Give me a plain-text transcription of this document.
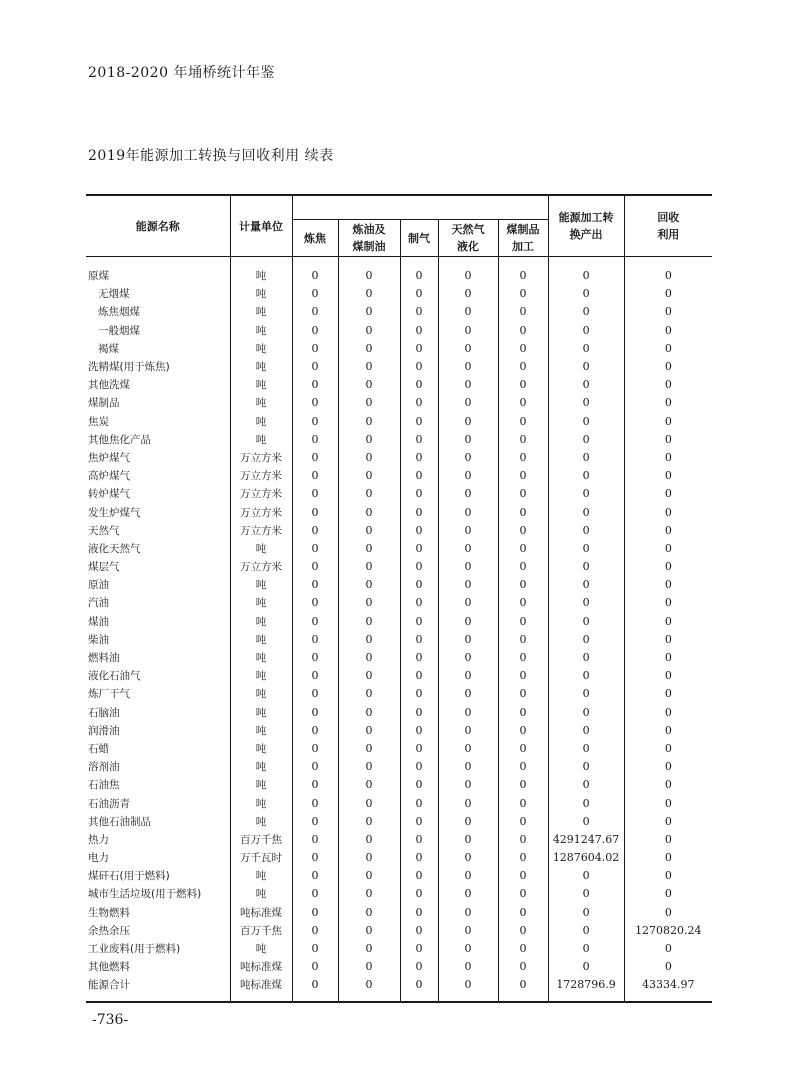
2018-2020 年埇桥统计年鉴
2019年能源加工转换与回收利用 续表
能源名称	计量单位						能源加工转换产出	回收利用
		炼焦	炼油及煤制油	制气	天然气液化	煤制品加工		
原煤	吨	0	0	0	0	0	0	0
无烟煤	吨	0	0	0	0	0	0	0
炼焦烟煤	吨	0	0	0	0	0	0	0
一般烟煤	吨	0	0	0	0	0	0	0
褐煤	吨	0	0	0	0	0	0	0
洗精煤(用于炼焦)	吨	0	0	0	0	0	0	0
其他洗煤	吨	0	0	0	0	0	0	0
煤制品	吨	0	0	0	0	0	0	0
焦炭	吨	0	0	0	0	0	0	0
其他焦化产品	吨	0	0	0	0	0	0	0
焦炉煤气	万立方米	0	0	0	0	0	0	0
高炉煤气	万立方米	0	0	0	0	0	0	0
转炉煤气	万立方米	0	0	0	0	0	0	0
发生炉煤气	万立方米	0	0	0	0	0	0	0
天然气	万立方米	0	0	0	0	0	0	0
液化天然气	吨	0	0	0	0	0	0	0
煤层气	万立方米	0	0	0	0	0	0	0
原油	吨	0	0	0	0	0	0	0
汽油	吨	0	0	0	0	0	0	0
煤油	吨	0	0	0	0	0	0	0
柴油	吨	0	0	0	0	0	0	0
燃料油	吨	0	0	0	0	0	0	0
液化石油气	吨	0	0	0	0	0	0	0
炼厂干气	吨	0	0	0	0	0	0	0
石脑油	吨	0	0	0	0	0	0	0
润滑油	吨	0	0	0	0	0	0	0
石蜡	吨	0	0	0	0	0	0	0
溶剂油	吨	0	0	0	0	0	0	0
石油焦	吨	0	0	0	0	0	0	0
石油沥青	吨	0	0	0	0	0	0	0
其他石油制品	吨	0	0	0	0	0	0	0
热力	百万千焦	0	0	0	0	0	4291247.67	0
电力	万千瓦时	0	0	0	0	0	1287604.02	0
煤矸石(用于燃料)	吨	0	0	0	0	0	0	0
城市生活垃圾(用于燃料)	吨	0	0	0	0	0	0	0
生物燃料	吨标准煤	0	0	0	0	0	0	0
余热余压	百万千焦	0	0	0	0	0	0	1270820.24
工业废料(用于燃料)	吨	0	0	0	0	0	0	0
其他燃料	吨标准煤	0	0	0	0	0	0	0
能源合计	吨标准煤	0	0	0	0	0	1728796.9	43334.97
-736-
